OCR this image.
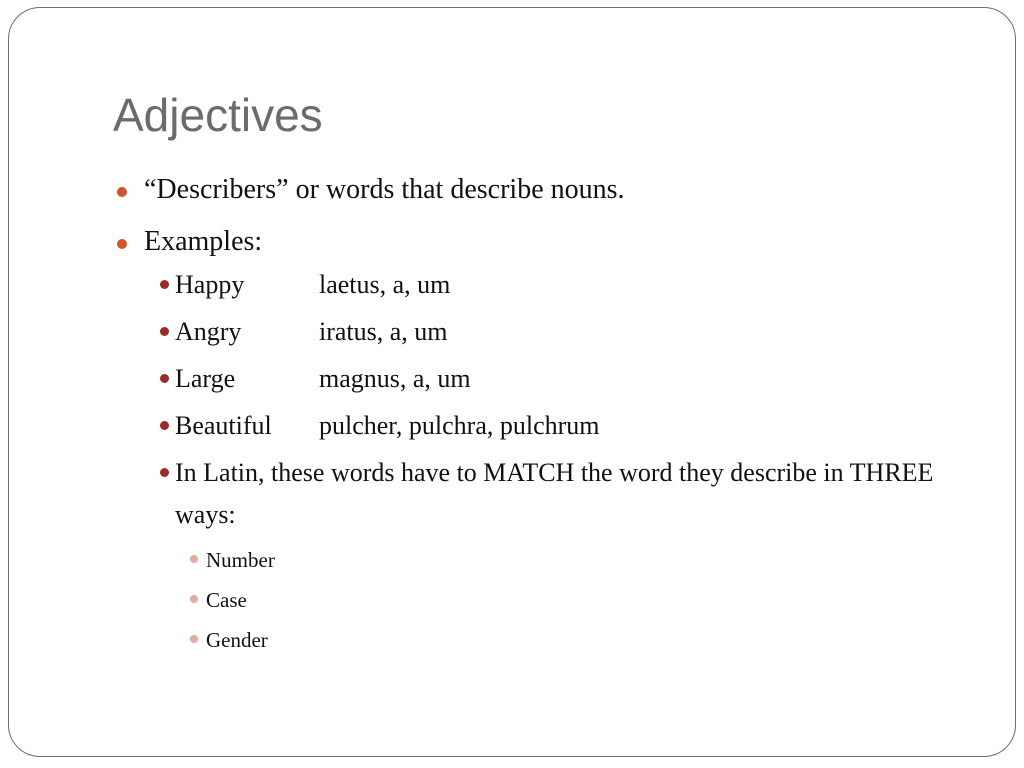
Adjectives
“Describers” or words that describe nouns.
Examples:
Happy	laetus, a, um
Angry	iratus, a, um
Large	magnus, a, um
Beautiful pulcher, pulchra, pulchrum
In Latin, these words have to MATCH the word they describe in THREE ways:
Number
Case
Gender
